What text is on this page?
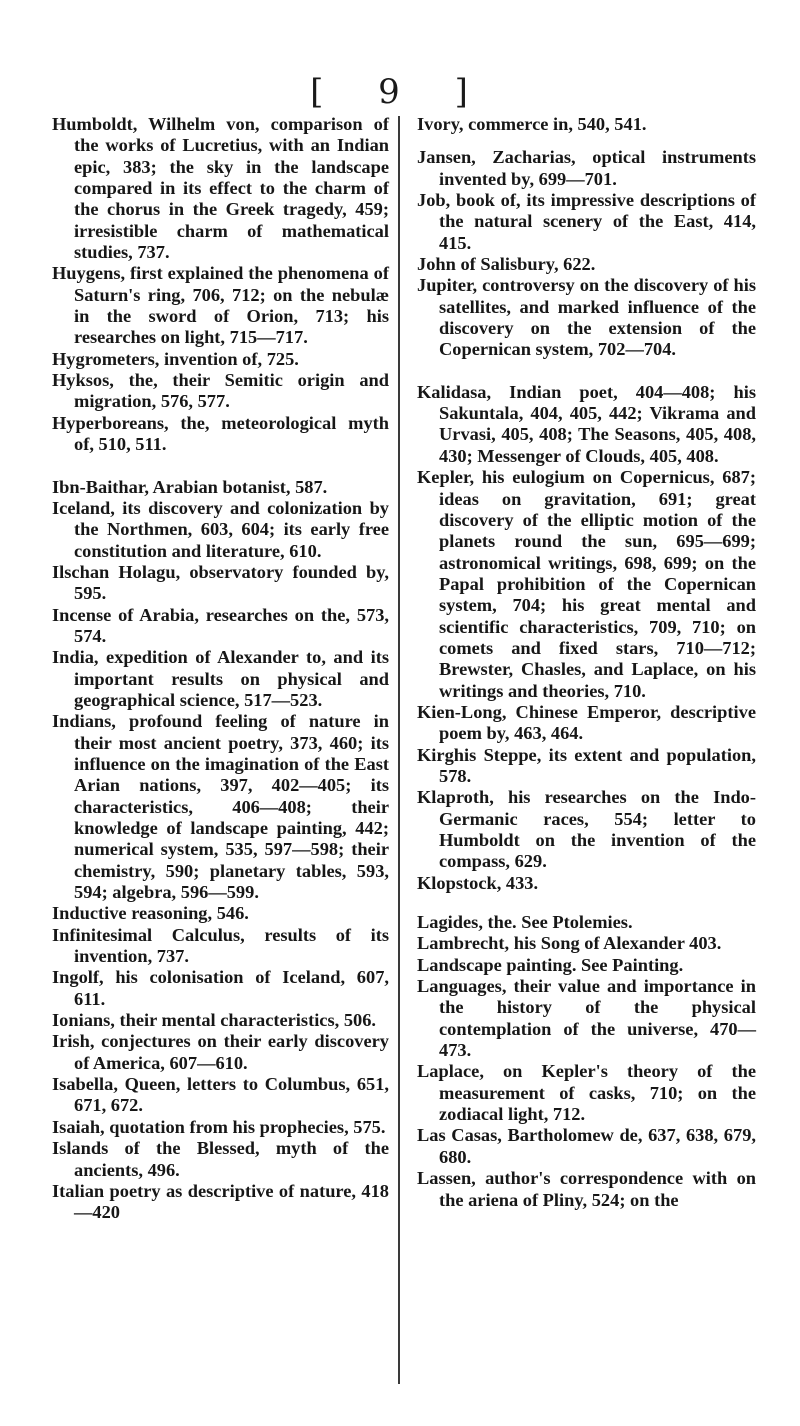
[ 9 ]

Humboldt, Wilhelm von, comparison of the works of Lucretius, with an Indian epic, 383; the sky in the landscape compared in its effect to the charm of the chorus in the Greek tragedy, 459; irresistible charm of mathematical studies, 737.

Huygens, first explained the phenomena of Saturn's ring, 706, 712; on the nebulæ in the sword of Orion, 713; his researches on light, 715—717.

Hygrometers, invention of, 725.

Hyksos, the, their Semitic origin and migration, 576, 577.

Hyperboreans, the, meteorological myth of, 510, 511.

Ibn-Baithar, Arabian botanist, 587.

Iceland, its discovery and colonization by the Northmen, 603, 604; its early free constitution and literature, 610.

Ilschan Holagu, observatory founded by, 595.

Incense of Arabia, researches on the, 573, 574.

India, expedition of Alexander to, and its important results on physical and geographical science, 517—523.

Indians, profound feeling of nature in their most ancient poetry, 373, 460; its influence on the imagination of the East Arian nations, 397, 402—405; its characteristics, 406—408; their knowledge of landscape painting, 442; numerical system, 535, 597—598; their chemistry, 590; planetary tables, 593, 594; algebra, 596—599.

Inductive reasoning, 546.

Infinitesimal Calculus, results of its invention, 737.

Ingolf, his colonisation of Iceland, 607, 611.

Ionians, their mental characteristics, 506.

Irish, conjectures on their early discovery of America, 607—610.

Isabella, Queen, letters to Columbus, 651, 671, 672.

Isaiah, quotation from his prophecies, 575.

Islands of the Blessed, myth of the ancients, 496.

Italian poetry as descriptive of nature, 418—420

Ivory, commerce in, 540, 541.

Jansen, Zacharias, optical instruments invented by, 699—701.

Job, book of, its impressive descriptions of the natural scenery of the East, 414, 415.

John of Salisbury, 622.

Jupiter, controversy on the discovery of his satellites, and marked influence of the discovery on the extension of the Copernican system, 702—704.

Kalidasa, Indian poet, 404—408; his Sakuntala, 404, 405, 442; Vikrama and Urvasi, 405, 408; The Seasons, 405, 408, 430; Messenger of Clouds, 405, 408.

Kepler, his eulogium on Copernicus, 687; ideas on gravitation, 691; great discovery of the elliptic motion of the planets round the sun, 695—699; astronomical writings, 698, 699; on the Papal prohibition of the Copernican system, 704; his great mental and scientific characteristics, 709, 710; on comets and fixed stars, 710—712; Brewster, Chasles, and Laplace, on his writings and theories, 710.

Kien-Long, Chinese Emperor, descriptive poem by, 463, 464.

Kirghis Steppe, its extent and population, 578.

Klaproth, his researches on the Indo-Germanic races, 554; letter to Humboldt on the invention of the compass, 629.

Klopstock, 433.

Lagides, the. See Ptolemies.

Lambrecht, his Song of Alexander 403.

Landscape painting. See Painting.

Languages, their value and importance in the history of the physical contemplation of the universe, 470—473.

Laplace, on Kepler's theory of the measurement of casks, 710; on the zodiacal light, 712.

Las Casas, Bartholomew de, 637, 638, 679, 680.

Lassen, author's correspondence with on the ariena of Pliny, 524; on the
